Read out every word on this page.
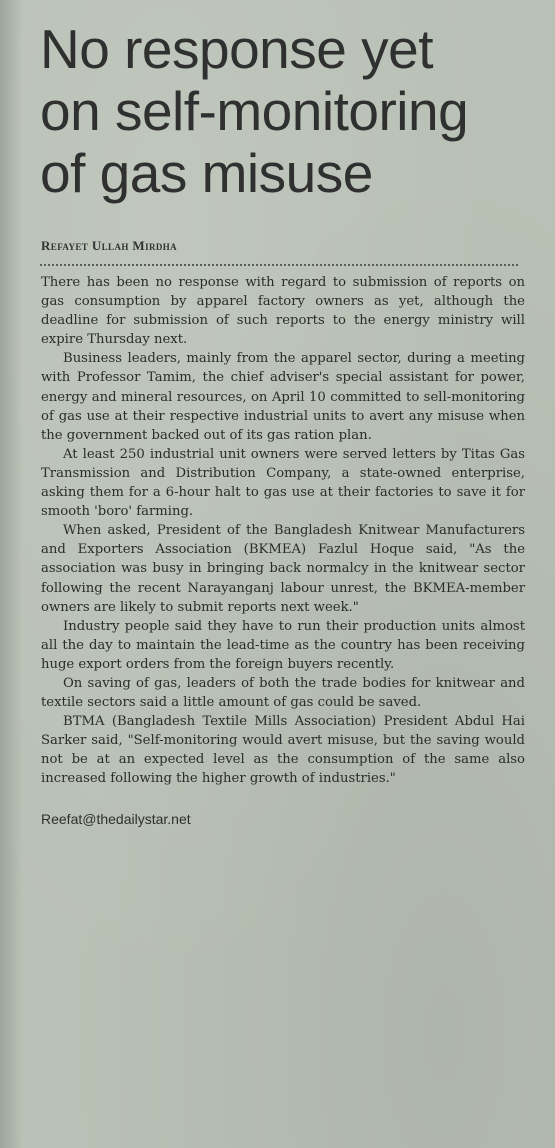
No response yet
on self-monitoring
of gas misuse
Refayet Ullah Mirdha

There has been no response with regard to submission of reports on gas consumption by apparel factory owners as yet, although the deadline for submission of such reports to the energy ministry will expire Thursday next.

Business leaders, mainly from the apparel sector, during a meeting with Professor Tamim, the chief adviser's special assistant for power, energy and mineral resources, on April 10 committed to sell-monitoring of gas use at their respective industrial units to avert any misuse when the government backed out of its gas ration plan.

At least 250 industrial unit owners were served letters by Titas Gas Transmission and Distribution Company, a state-owned enterprise, asking them for a 6-hour halt to gas use at their factories to save it for smooth 'boro' farming.

When asked, President of the Bangladesh Knitwear Manufacturers and Exporters Association (BKMEA) Fazlul Hoque said, "As the association was busy in bringing back normalcy in the knitwear sector following the recent Narayanganj labour unrest, the BKMEA-member owners are likely to submit reports next week."

Industry people said they have to run their production units almost all the day to maintain the lead-time as the country has been receiving huge export orders from the foreign buyers recently.

On saving of gas, leaders of both the trade bodies for knitwear and textile sectors said a little amount of gas could be saved.

BTMA (Bangladesh Textile Mills Association) President Abdul Hai Sarker said, "Self-monitoring would avert misuse, but the saving would not be at an expected level as the consumption of the same also increased following the higher growth of industries."

Reefat@thedailystar.net
